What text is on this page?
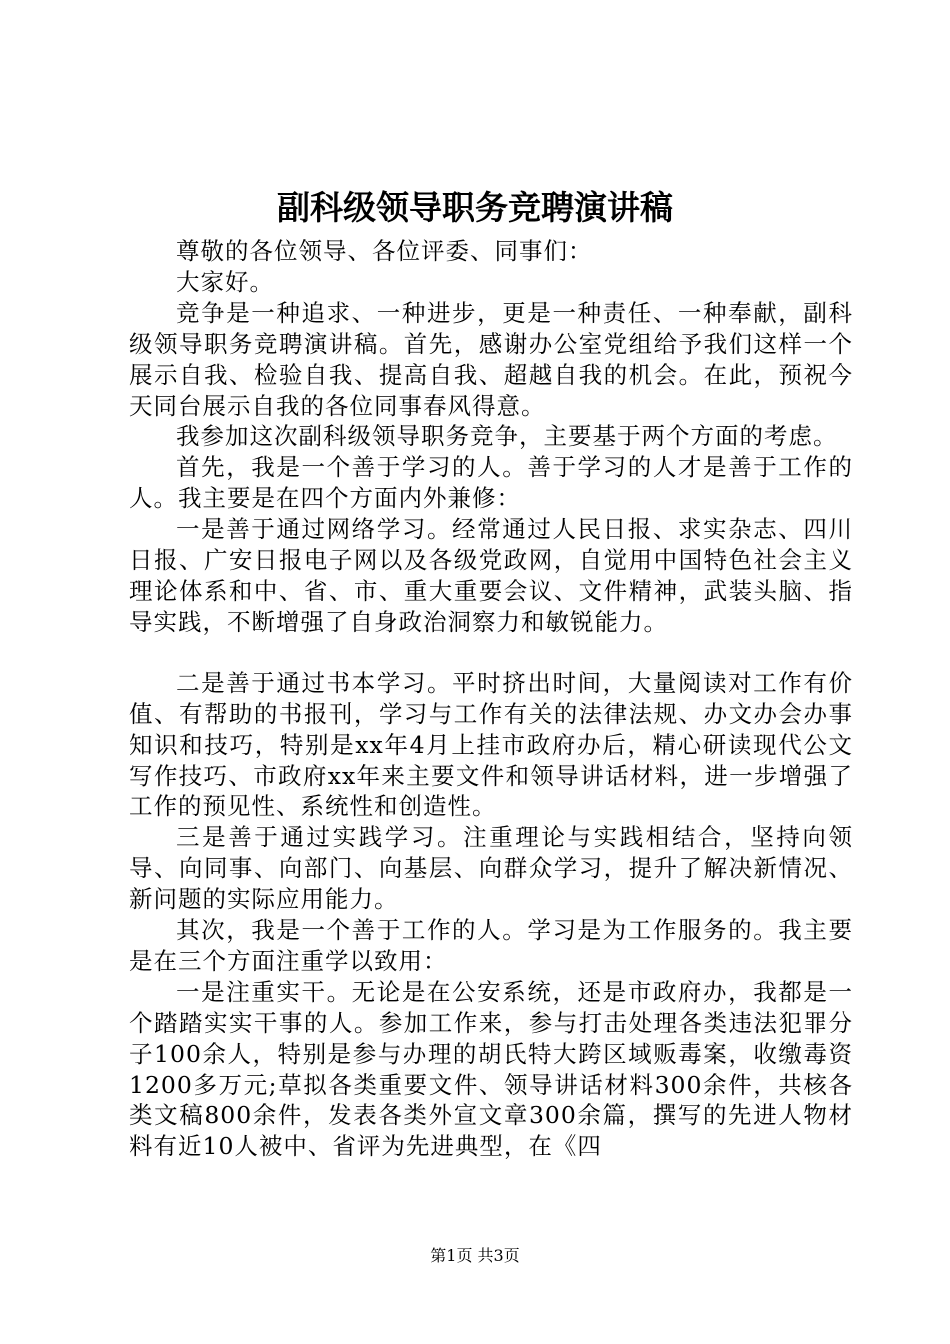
副科级领导职务竞聘演讲稿

尊敬的各位领导、各位评委、同事们：

大家好。

竞争是一种追求、一种进步，更是一种责任、一种奉献，副科级领导职务竞聘演讲稿。首先，感谢办公室党组给予我们这样一个展示自我、检验自我、提高自我、超越自我的机会。在此，预祝今天同台展示自我的各位同事春风得意。

我参加这次副科级领导职务竞争，主要基于两个方面的考虑。

首先，我是一个善于学习的人。善于学习的人才是善于工作的人。我主要是在四个方面内外兼修：

一是善于通过网络学习。经常通过人民日报、求实杂志、四川日报、广安日报电子网以及各级党政网，自觉用中国特色社会主义理论体系和中、省、市、重大重要会议、文件精神，武装头脑、指导实践，不断增强了自身政治洞察力和敏锐能力。

二是善于通过书本学习。平时挤出时间，大量阅读对工作有价值、有帮助的书报刊，学习与工作有关的法律法规、办文办会办事知识和技巧，特别是xx年4月上挂市政府办后，精心研读现代公文写作技巧、市政府xx年来主要文件和领导讲话材料，进一步增强了工作的预见性、系统性和创造性。

三是善于通过实践学习。注重理论与实践相结合，坚持向领导、向同事、向部门、向基层、向群众学习，提升了解决新情况、新问题的实际应用能力。

其次，我是一个善于工作的人。学习是为工作服务的。我主要是在三个方面注重学以致用：

一是注重实干。无论是在公安系统，还是市政府办，我都是一个踏踏实实干事的人。参加工作来，参与打击处理各类违法犯罪分子100余人，特别是参与办理的胡氏特大跨区域贩毒案，收缴毒资1200多万元;草拟各类重要文件、领导讲话材料300余件，共核各类文稿800余件，发表各类外宣文章300余篇，撰写的先进人物材料有近10人被中、省评为先进典型，在《四

第1页 共3页
